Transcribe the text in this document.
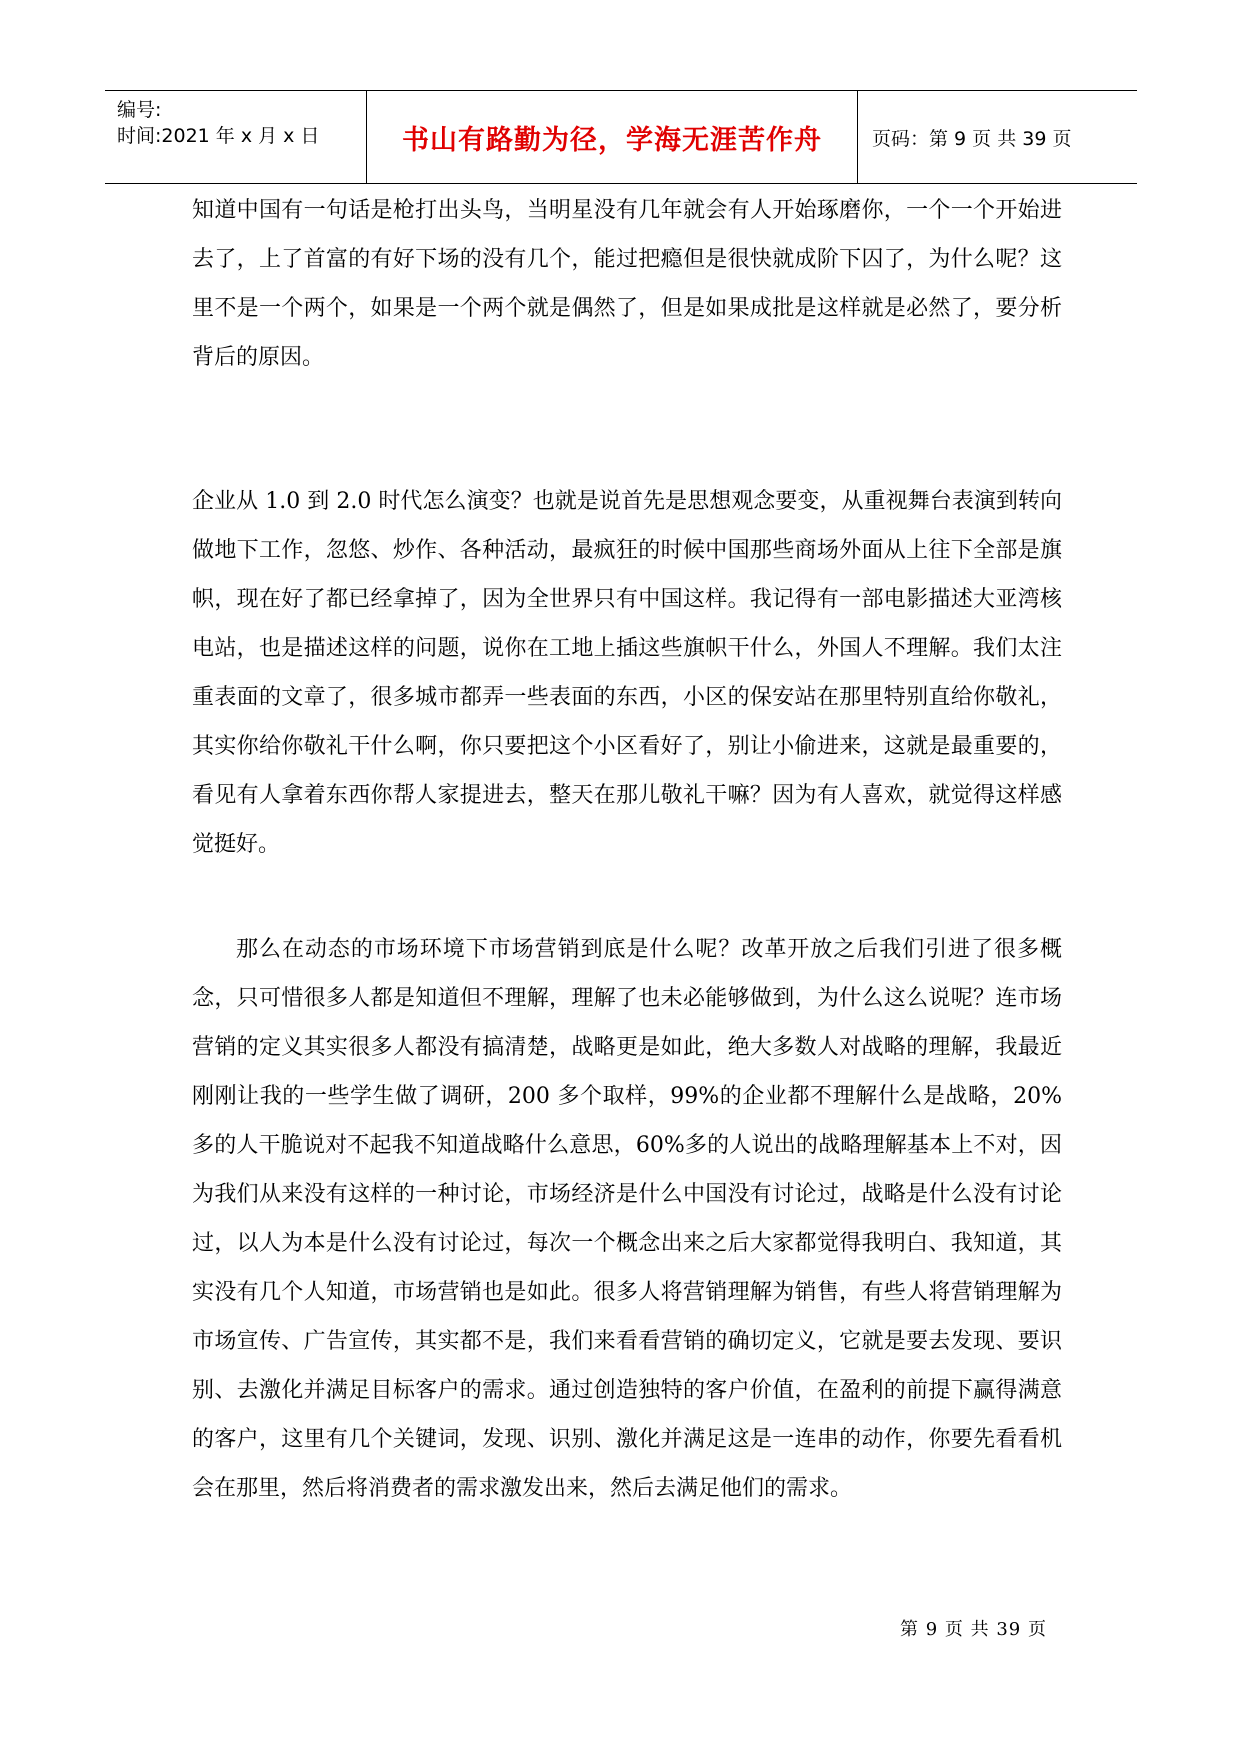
编号:
时间:2021 年 x 月 x 日	书山有路勤为径，学海无涯苦作舟	页码：第 9 页 共 39 页

知道中国有一句话是枪打出头鸟，当明星没有几年就会有人开始琢磨你，一个一个开始进去了，上了首富的有好下场的没有几个，能过把瘾但是很快就成阶下囚了，为什么呢？这里不是一个两个，如果是一个两个就是偶然了，但是如果成批是这样就是必然了，要分析背后的原因。

企业从 1.0 到 2.0 时代怎么演变？也就是说首先是思想观念要变，从重视舞台表演到转向做地下工作，忽悠、炒作、各种活动，最疯狂的时候中国那些商场外面从上往下全部是旗帜，现在好了都已经拿掉了，因为全世界只有中国这样。我记得有一部电影描述大亚湾核电站，也是描述这样的问题，说你在工地上插这些旗帜干什么，外国人不理解。我们太注重表面的文章了，很多城市都弄一些表面的东西，小区的保安站在那里特别直给你敬礼，其实你给你敬礼干什么啊，你只要把这个小区看好了，别让小偷进来，这就是最重要的，看见有人拿着东西你帮人家提进去，整天在那儿敬礼干嘛？因为有人喜欢，就觉得这样感觉挺好。

那么在动态的市场环境下市场营销到底是什么呢？改革开放之后我们引进了很多概念，只可惜很多人都是知道但不理解，理解了也未必能够做到，为什么这么说呢？连市场营销的定义其实很多人都没有搞清楚，战略更是如此，绝大多数人对战略的理解，我最近刚刚让我的一些学生做了调研，200 多个取样，99%的企业都不理解什么是战略，20%多的人干脆说对不起我不知道战略什么意思，60%多的人说出的战略理解基本上不对，因为我们从来没有这样的一种讨论，市场经济是什么中国没有讨论过，战略是什么没有讨论过，以人为本是什么没有讨论过，每次一个概念出来之后大家都觉得我明白、我知道，其实没有几个人知道，市场营销也是如此。很多人将营销理解为销售，有些人将营销理解为市场宣传、广告宣传，其实都不是，我们来看看营销的确切定义，它就是要去发现、要识别、去激化并满足目标客户的需求。通过创造独特的客户价值，在盈利的前提下赢得满意的客户，这里有几个关键词，发现、识别、激化并满足这是一连串的动作，你要先看看机会在那里，然后将消费者的需求激发出来，然后去满足他们的需求。

第 9 页 共 39 页
